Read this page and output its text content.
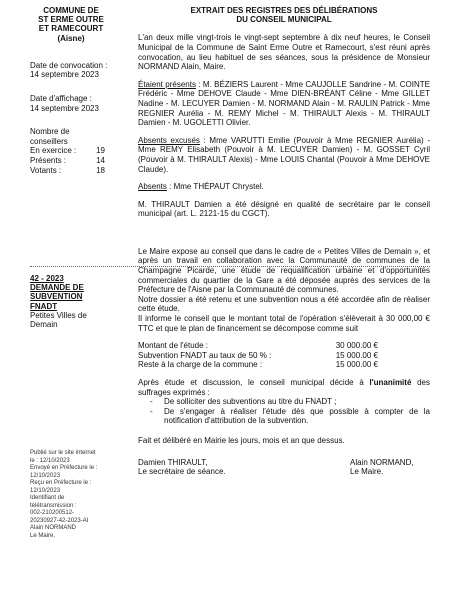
COMMUNE DE
ST ERME OUTRE
ET RAMECOURT
(Aisne)
Date de convocation :
14 septembre 2023
Date d'affichage :
14 septembre 2023
Nombre de
conseillers
En exercice : 19
Présents :	14
Votants :	18
42 - 2023
DEMANDE DE
SUBVENTION
FNADT
Petites Villes de
Demain
Publié sur le site internet
le : 12/10/2023
Envoyé en Préfecture le :
12/10/2023
Reçu en Préfecture le :
12/10/2023
Identifiant de
télétransmission :
002-210200512-
20230927-42-2023-AI
Alain NORMAND
Le Maire,
EXTRAIT DES REGISTRES DES DÉLIBÉRATIONS
DU CONSEIL MUNICIPAL

L'an deux mille vingt-trois le vingt-sept septembre à dix neuf heures, le Conseil Municipal de la Commune de Saint Erme Outre et Ramecourt, s'est réuni après convocation, au lieu habituel de ses séances, sous la présidence de Monsieur NORMAND Alain, Maire.

Étaient présents : M. BÉZIERS Laurent - Mme CAUJOLLE Sandrine - M. COINTE Frédéric - Mme DEHOVE Claude - Mme DIEN-BRÉANT Céline - Mme GILLET Nadine - M. LECUYER Damien - M. NORMAND Alain - M. RAULIN Patrick - Mme REGNIER Aurélia - M. REMY Michel - M. THIRAULT Alexis - M. THIRAULT Damien - M. UGOLETTI Olivier.

Absents excusés : Mme VARUTTI Emilie (Pouvoir à Mme REGNIER Aurélia) - Mme REMY Elisabeth (Pouvoir à M. LECUYER Damien) - M. GOSSET Cyril (Pouvoir à M. THIRAULT Alexis) - Mme LOUIS Chantal (Pouvoir à Mme DEHOVE Claude).

Absents : Mme THÉPAUT Chrystel.

M. THIRAULT Damien a été désigné en qualité de secrétaire par le conseil municipal (art. L. 2121-15 du CGCT).

Le Maire expose au conseil que dans le cadre de « Petites Villes de Demain », et après un travail en collaboration avec la Communauté de communes de la Champagne Picarde, une étude de requalification urbaine et d'opportunités commerciales du quartier de la Gare a été déposée auprès des services de la Préfecture de l'Aisne par la Communauté de communes.

Notre dossier a été retenu et une subvention nous a été accordée afin de réaliser cette étude.

Il informe le conseil que le montant total de l'opération s'élèverait à 30 000,00 € TTC et que le plan de financement se décompose comme suit

Montant de l'étude :	30 000.00 €
Subvention FNADT au taux de 50 % :	15 000.00 €
Reste à la charge de la commune :	15 000.00 €

Après étude et discussion, le conseil municipal décide à l'unanimité des suffrages exprimés :

- De solliciter des subventions au titre du FNADT ;
- De s'engager à réaliser l'étude dès que possible à compter de la notification d'attribution de la subvention.

Fait et délibéré en Mairie les jours, mois et an que dessus.

Damien THIRAULT,
Le secrétaire de séance.
Alain NORMAND,
Le Maire.
